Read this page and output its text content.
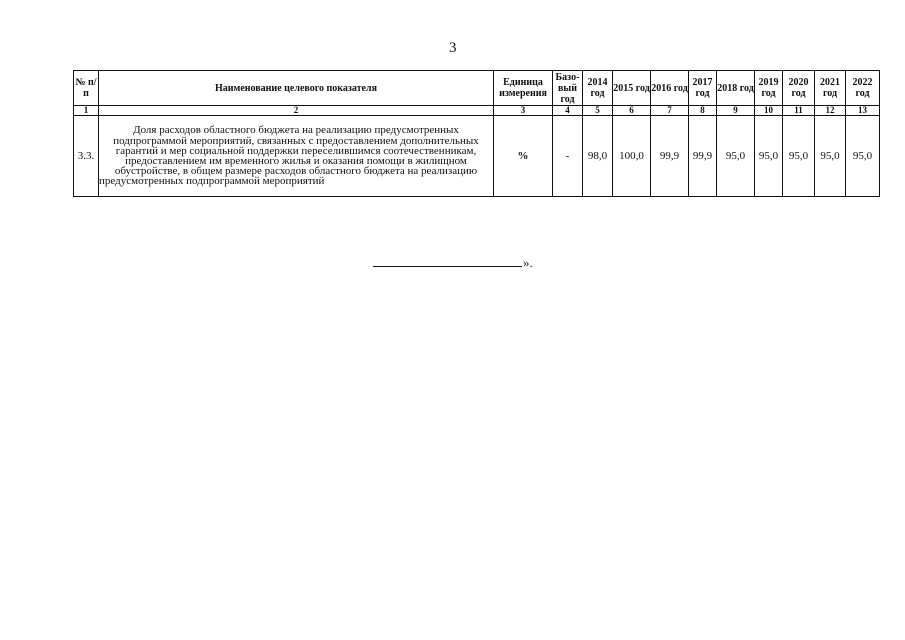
3
№ п/п	Наименование целевого показателя	Единица измерения	Базо-вый год	2014 год	2015 год	2016 год	2017 год	2018 год	2019 год	2020 год	2021 год	2022 год
1	2	3	4	5	6	7	8	9	10	11	12	13
3.3.	Доля расходов областного бюджета на реализацию предусмотренных подпрограммой мероприятий, связанных с предоставлением дополнительных гарантий и мер социальной поддержки переселившимся соотечественникам, предоставлением им временного жилья и оказания помощи в жилищном обустройстве, в общем размере расходов областного бюджета на реализацию предусмотренных подпрограммой мероприятий	%	-	98,0	100,0	99,9	99,9	95,0	95,0	95,0	95,0	95,0
».
